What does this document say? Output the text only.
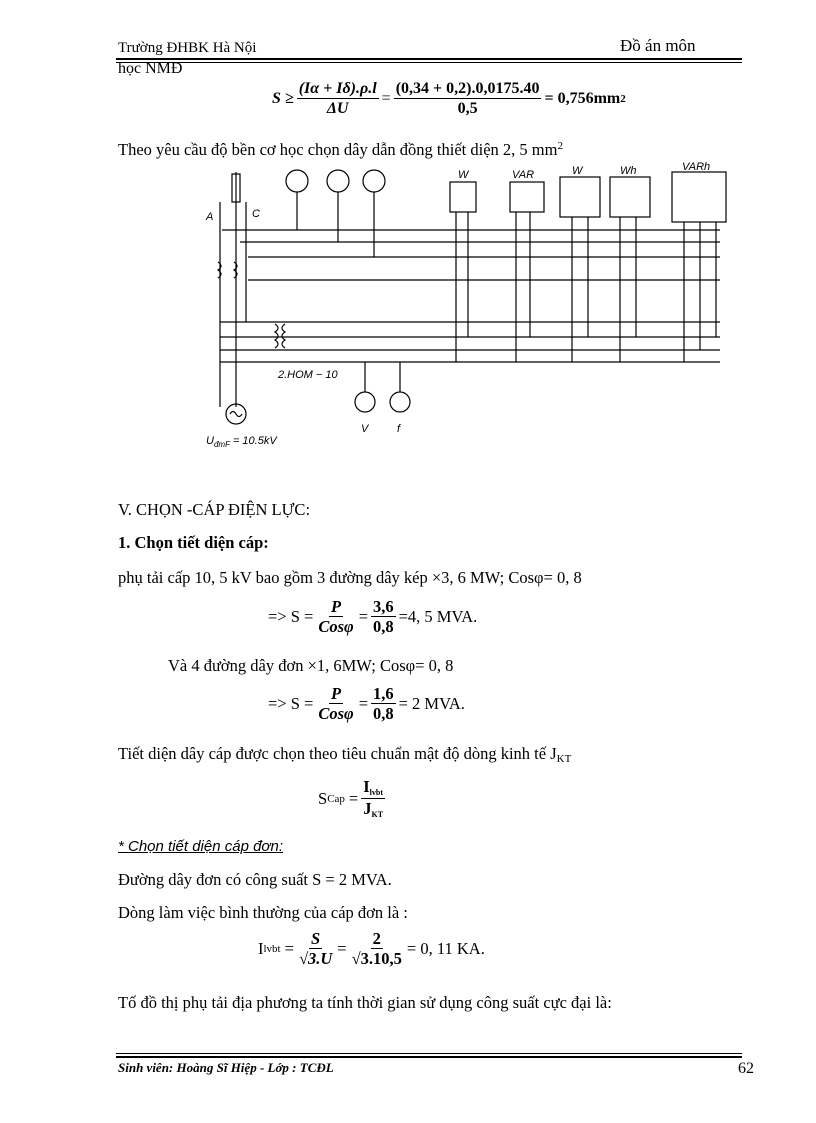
Trường ĐHBK Hà Nội	Đồ án môn
học NMĐ
$S \ge \frac{(I\alpha + I\delta).\rho.l}{\Delta U} = \frac{(0,34 + 0,2).0,0175.40}{0,5} = 0,756mm$ 2
Theo yêu cầu độ bền cơ học chọn dây dẫn đồng thiết diện 2, 5 $mm^2$
A	C
W	VAR	W	Wh	VARh
2.HOM − 10
V	f
$U_{đmF} = 10.5kV$
V. CHỌN -CÁP ĐIỆN LỰC:
1. Chọn tiết diện cáp:
phụ tải cấp 10, 5 kV bao gồm 3 đường dây kép ×3, 6 MW; Cosφ= 0, 8
=> $S = \frac{P}{\text{Cosφ}} = \frac{3,6}{0,8} =4$, 5 MVA.
Và 4 đường dây đơn ×1, 6MW; Cosφ= 0, 8
=> $S = \frac{P}{\text{Cosφ}} = \frac{1,6}{0,8} = 2$ MVA.
Tiết diện dây cáp được chọn theo tiêu chuẩn mật độ dòng kinh tế $J_{KT}$
S Cap = $\frac{I_{lvbt}}{J_{KT}}$
* Chọn tiết diện cáp đơn:
Đường dây đơn có công suất S = 2 MVA.
Dòng làm việc bình thường của cáp đơn là :
I lvbt = $\frac{S}{√3.U} = \frac{2}{√3.10,5} = 0$, 11 KA.
Tố đồ thị phụ tải địa phương ta tính thời gian sử dụng công suất cực đại là:
Sinh viên: Hoàng Sĩ Hiệp - Lớp : TCĐL	62
